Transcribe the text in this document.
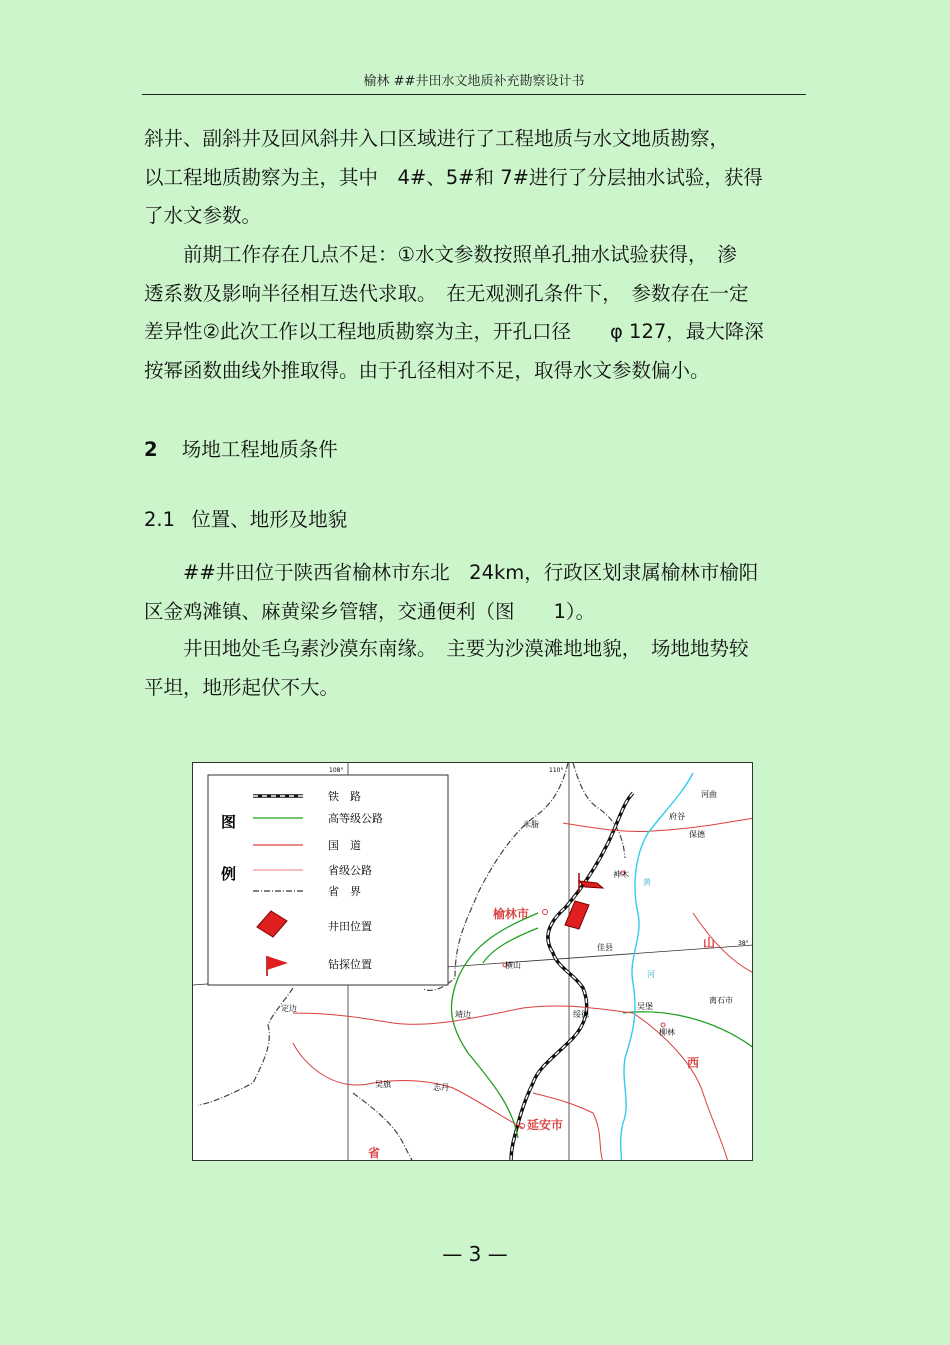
榆林 ##井田水文地质补充勘察设计书
斜井、副斜井及回风斜井入口区域进行了工程地质与水文地质勘察，
以工程地质勘察为主，其中　4#、5#和 7#进行了分层抽水试验，获得
了水文参数。
　　前期工作存在几点不足：①水文参数按照单孔抽水试验获得，　渗
透系数及影响半径相互迭代求取。　在无观测孔条件下，　参数存在一定
差异性②此次工作以工程地质勘察为主，开孔口径　　φ 127，最大降深
按幂函数曲线外推取得。由于孔径相对不足，取得水文参数偏小。
2 场地工程地质条件
2.1 位置、地形及地貌
　　##井田位于陕西省榆林市东北　24km，行政区划隶属榆林市榆阳
区金鸡滩镇、麻黄梁乡管辖，交通便利（图　　1）。
　　井田地处毛乌素沙漠东南缘。　主要为沙漠滩地地貌，　场地地势较
平坦，地形起伏不大。
108°	110°
38°
图
例
铁　路
高等级公路
国　道
省级公路
省　界
井田位置
钻探位置
榆林市
延安市
横山
靖边
定边
吴旗	志丹
绥德
米脂
佳县
神木
府谷
保德
河曲
吴堡
柳林
离石市
西
山
省
黄
河
— 3 —
